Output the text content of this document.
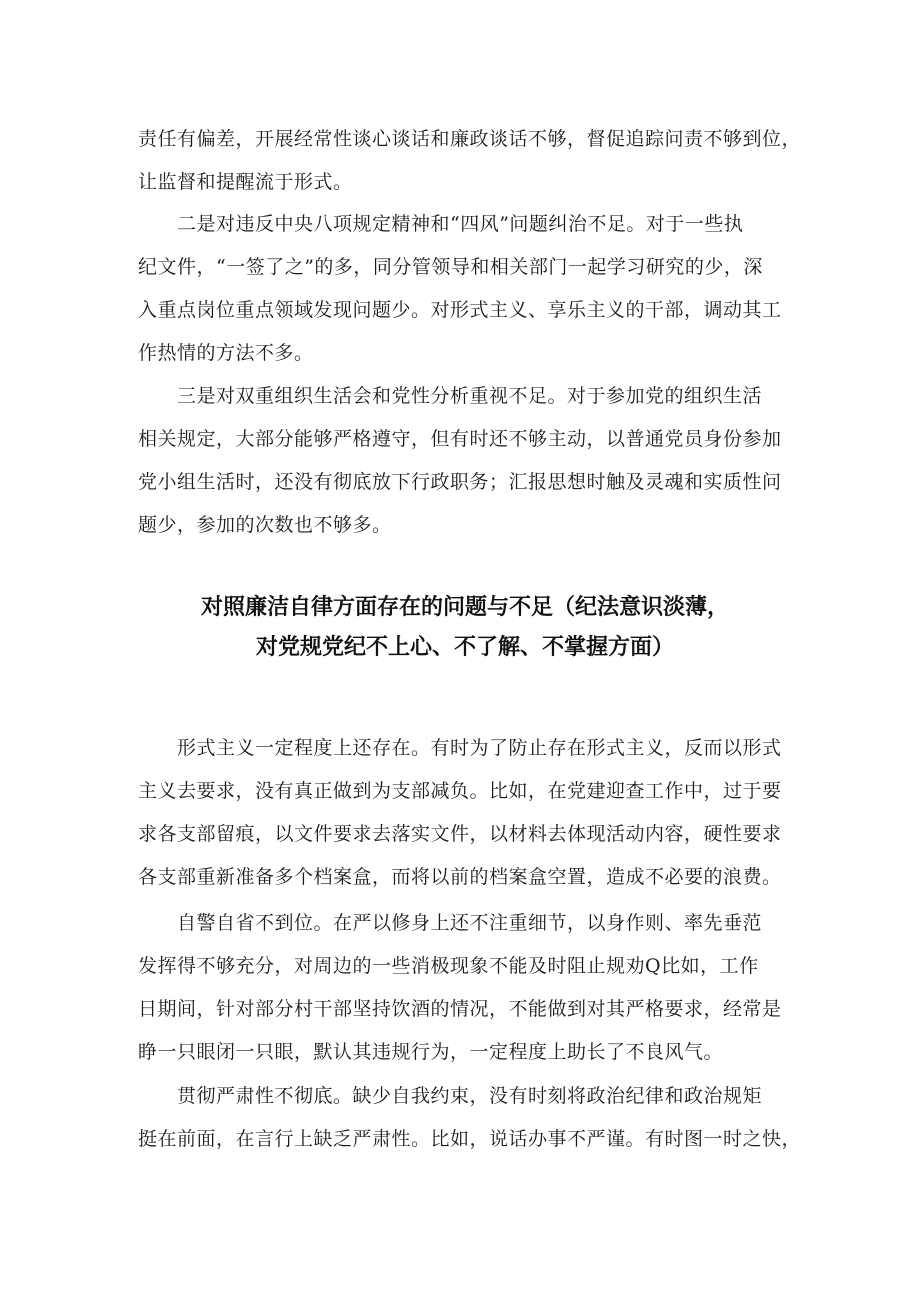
责任有偏差，开展经常性谈心谈话和廉政谈话不够，督促追踪问责不够到位，
让监督和提醒流于形式。
　　二是对违反中央八项规定精神和“四风”问题纠治不足。对于一些执
纪文件，“一签了之”的多，同分管领导和相关部门一起学习研究的少，深
入重点岗位重点领域发现问题少。对形式主义、享乐主义的干部，调动其工
作热情的方法不多。
　　三是对双重组织生活会和党性分析重视不足。对于参加党的组织生活
相关规定，大部分能够严格遵守，但有时还不够主动，以普通党员身份参加
党小组生活时，还没有彻底放下行政职务；汇报思想时触及灵魂和实质性问
题少，参加的次数也不够多。
对照廉洁自律方面存在的问题与不足（纪法意识淡薄，
对党规党纪不上心、不了解、不掌握方面）
　　形式主义一定程度上还存在。有时为了防止存在形式主义，反而以形式
主义去要求，没有真正做到为支部减负。比如，在党建迎查工作中，过于要
求各支部留痕，以文件要求去落实文件，以材料去体现活动内容，硬性要求
各支部重新准备多个档案盒，而将以前的档案盒空置，造成不必要的浪费。
　　自警自省不到位。在严以修身上还不注重细节，以身作则、率先垂范
发挥得不够充分，对周边的一些消极现象不能及时阻止规劝Q比如，工作
日期间，针对部分村干部坚持饮酒的情况，不能做到对其严格要求，经常是
睁一只眼闭一只眼，默认其违规行为，一定程度上助长了不良风气。
　　贯彻严肃性不彻底。缺少自我约束，没有时刻将政治纪律和政治规矩
挺在前面，在言行上缺乏严肃性。比如，说话办事不严谨。有时图一时之快，
